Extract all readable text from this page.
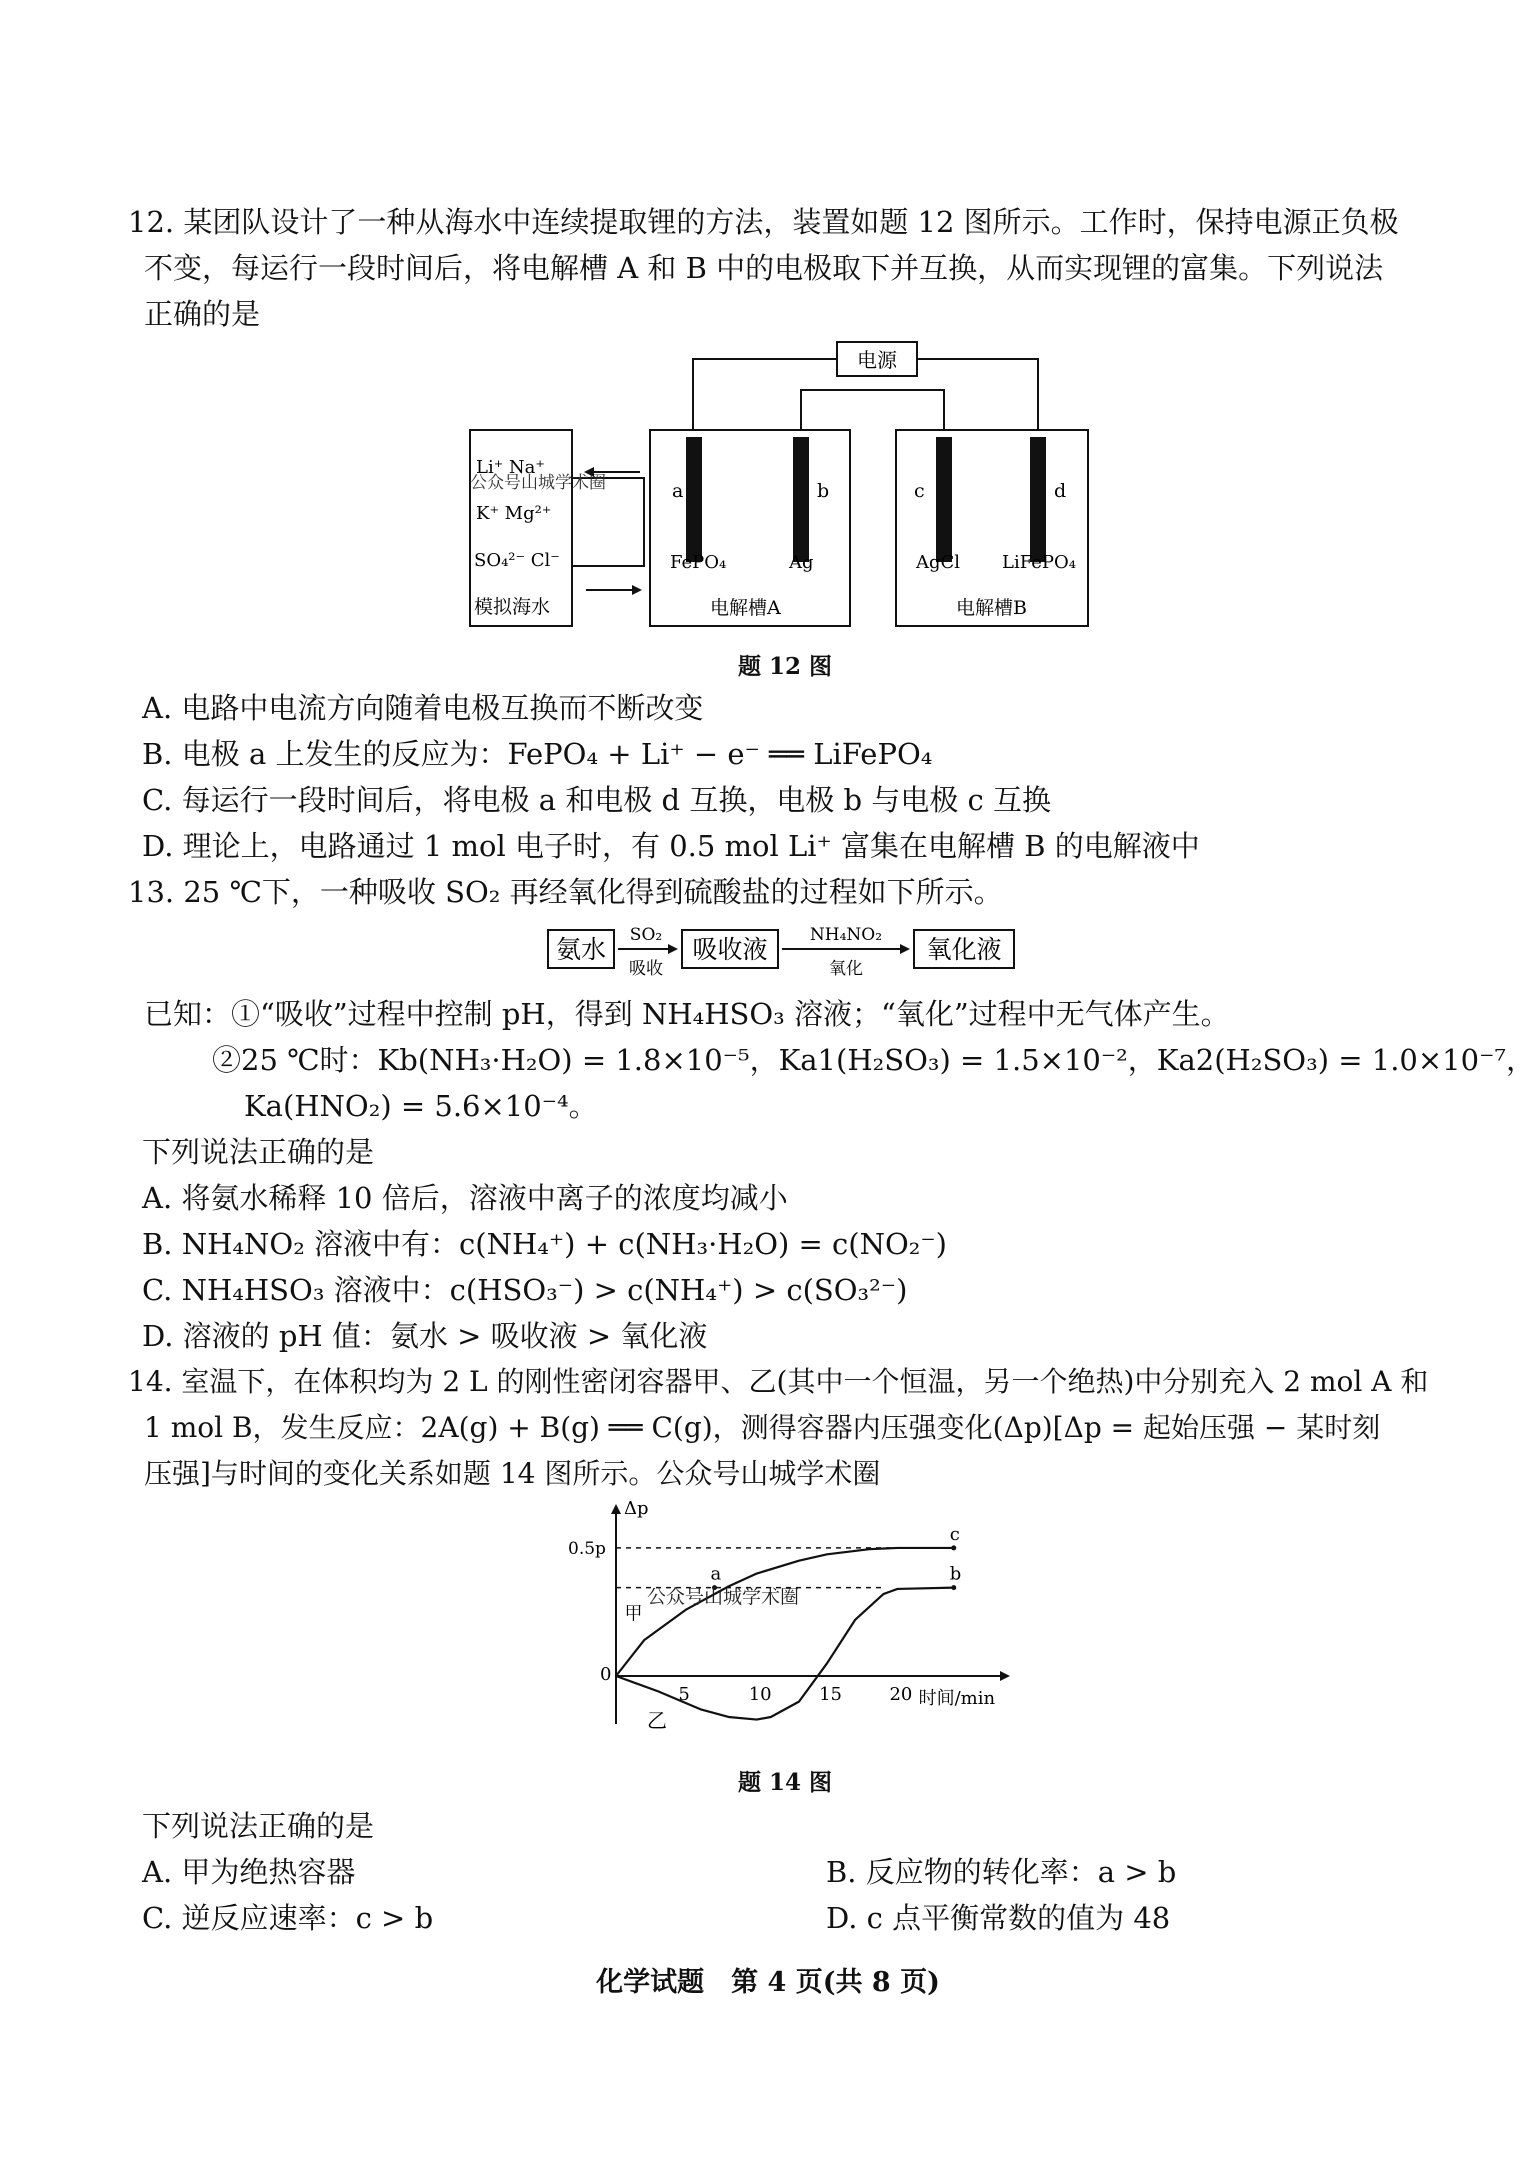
12. 某团队设计了一种从海水中连续提取锂的方法，装置如题 12 图所示。工作时，保持电源正负极
不变，每运行一段时间后，将电解槽 A 和 B 中的电极取下并互换，从而实现锂的富集。下列说法
正确的是
电源
Li⁺ Na⁺
公众号山城学术圈
K⁺ Mg²⁺
SO₄²⁻ Cl⁻
模拟海水
a	b
FePO₄	Ag
电解槽A
c	d
AgCl LiFePO₄
电解槽B
题 12 图
A. 电路中电流方向随着电极互换而不断改变
B. 电极 a 上发生的反应为：FePO₄ + Li⁺ − e⁻ ══ LiFePO₄
C. 每运行一段时间后，将电极 a 和电极 d 互换，电极 b 与电极 c 互换
D. 理论上，电路通过 1 mol 电子时，有 0.5 mol Li⁺ 富集在电解槽 B 的电解液中
13. 25 ℃下，一种吸收 SO₂ 再经氧化得到硫酸盐的过程如下所示。
氨水 SO₂
吸收
吸收液 NH₄NO₂
氧化
氧化液
已知：①“吸收”过程中控制 pH，得到 NH₄HSO₃ 溶液；“氧化”过程中无气体产生。
②25 ℃时：Kb(NH₃·H₂O) = 1.8×10⁻⁵，Ka1(H₂SO₃) = 1.5×10⁻²，Ka2(H₂SO₃) = 1.0×10⁻⁷，
Ka(HNO₂) = 5.6×10⁻⁴。
下列说法正确的是
A. 将氨水稀释 10 倍后，溶液中离子的浓度均减小
B. NH₄NO₂ 溶液中有：c(NH₄⁺) + c(NH₃·H₂O) = c(NO₂⁻)
C. NH₄HSO₃ 溶液中：c(HSO₃⁻) > c(NH₄⁺) > c(SO₃²⁻)
D. 溶液的 pH 值：氨水 > 吸收液 > 氧化液
14. 室温下，在体积均为 2 L 的刚性密闭容器甲、乙(其中一个恒温，另一个绝热)中分别充入 2 mol A 和
1 mol B，发生反应：2A(g) + B(g) ══ C(g)，测得容器内压强变化(Δp)[Δp = 起始压强 − 某时刻
压强]与时间的变化关系如题 14 图所示。公众号山城学术圈
Δp
时间/min
0
5	10	15	20
0.5p
甲
乙
a	b
c
公众号山城学术圈
题 14 图
下列说法正确的是
A. 甲为绝热容器	B. 反应物的转化率：a > b
C. 逆反应速率：c > b	D. c 点平衡常数的值为 48
化学试题　第 4 页(共 8 页)
